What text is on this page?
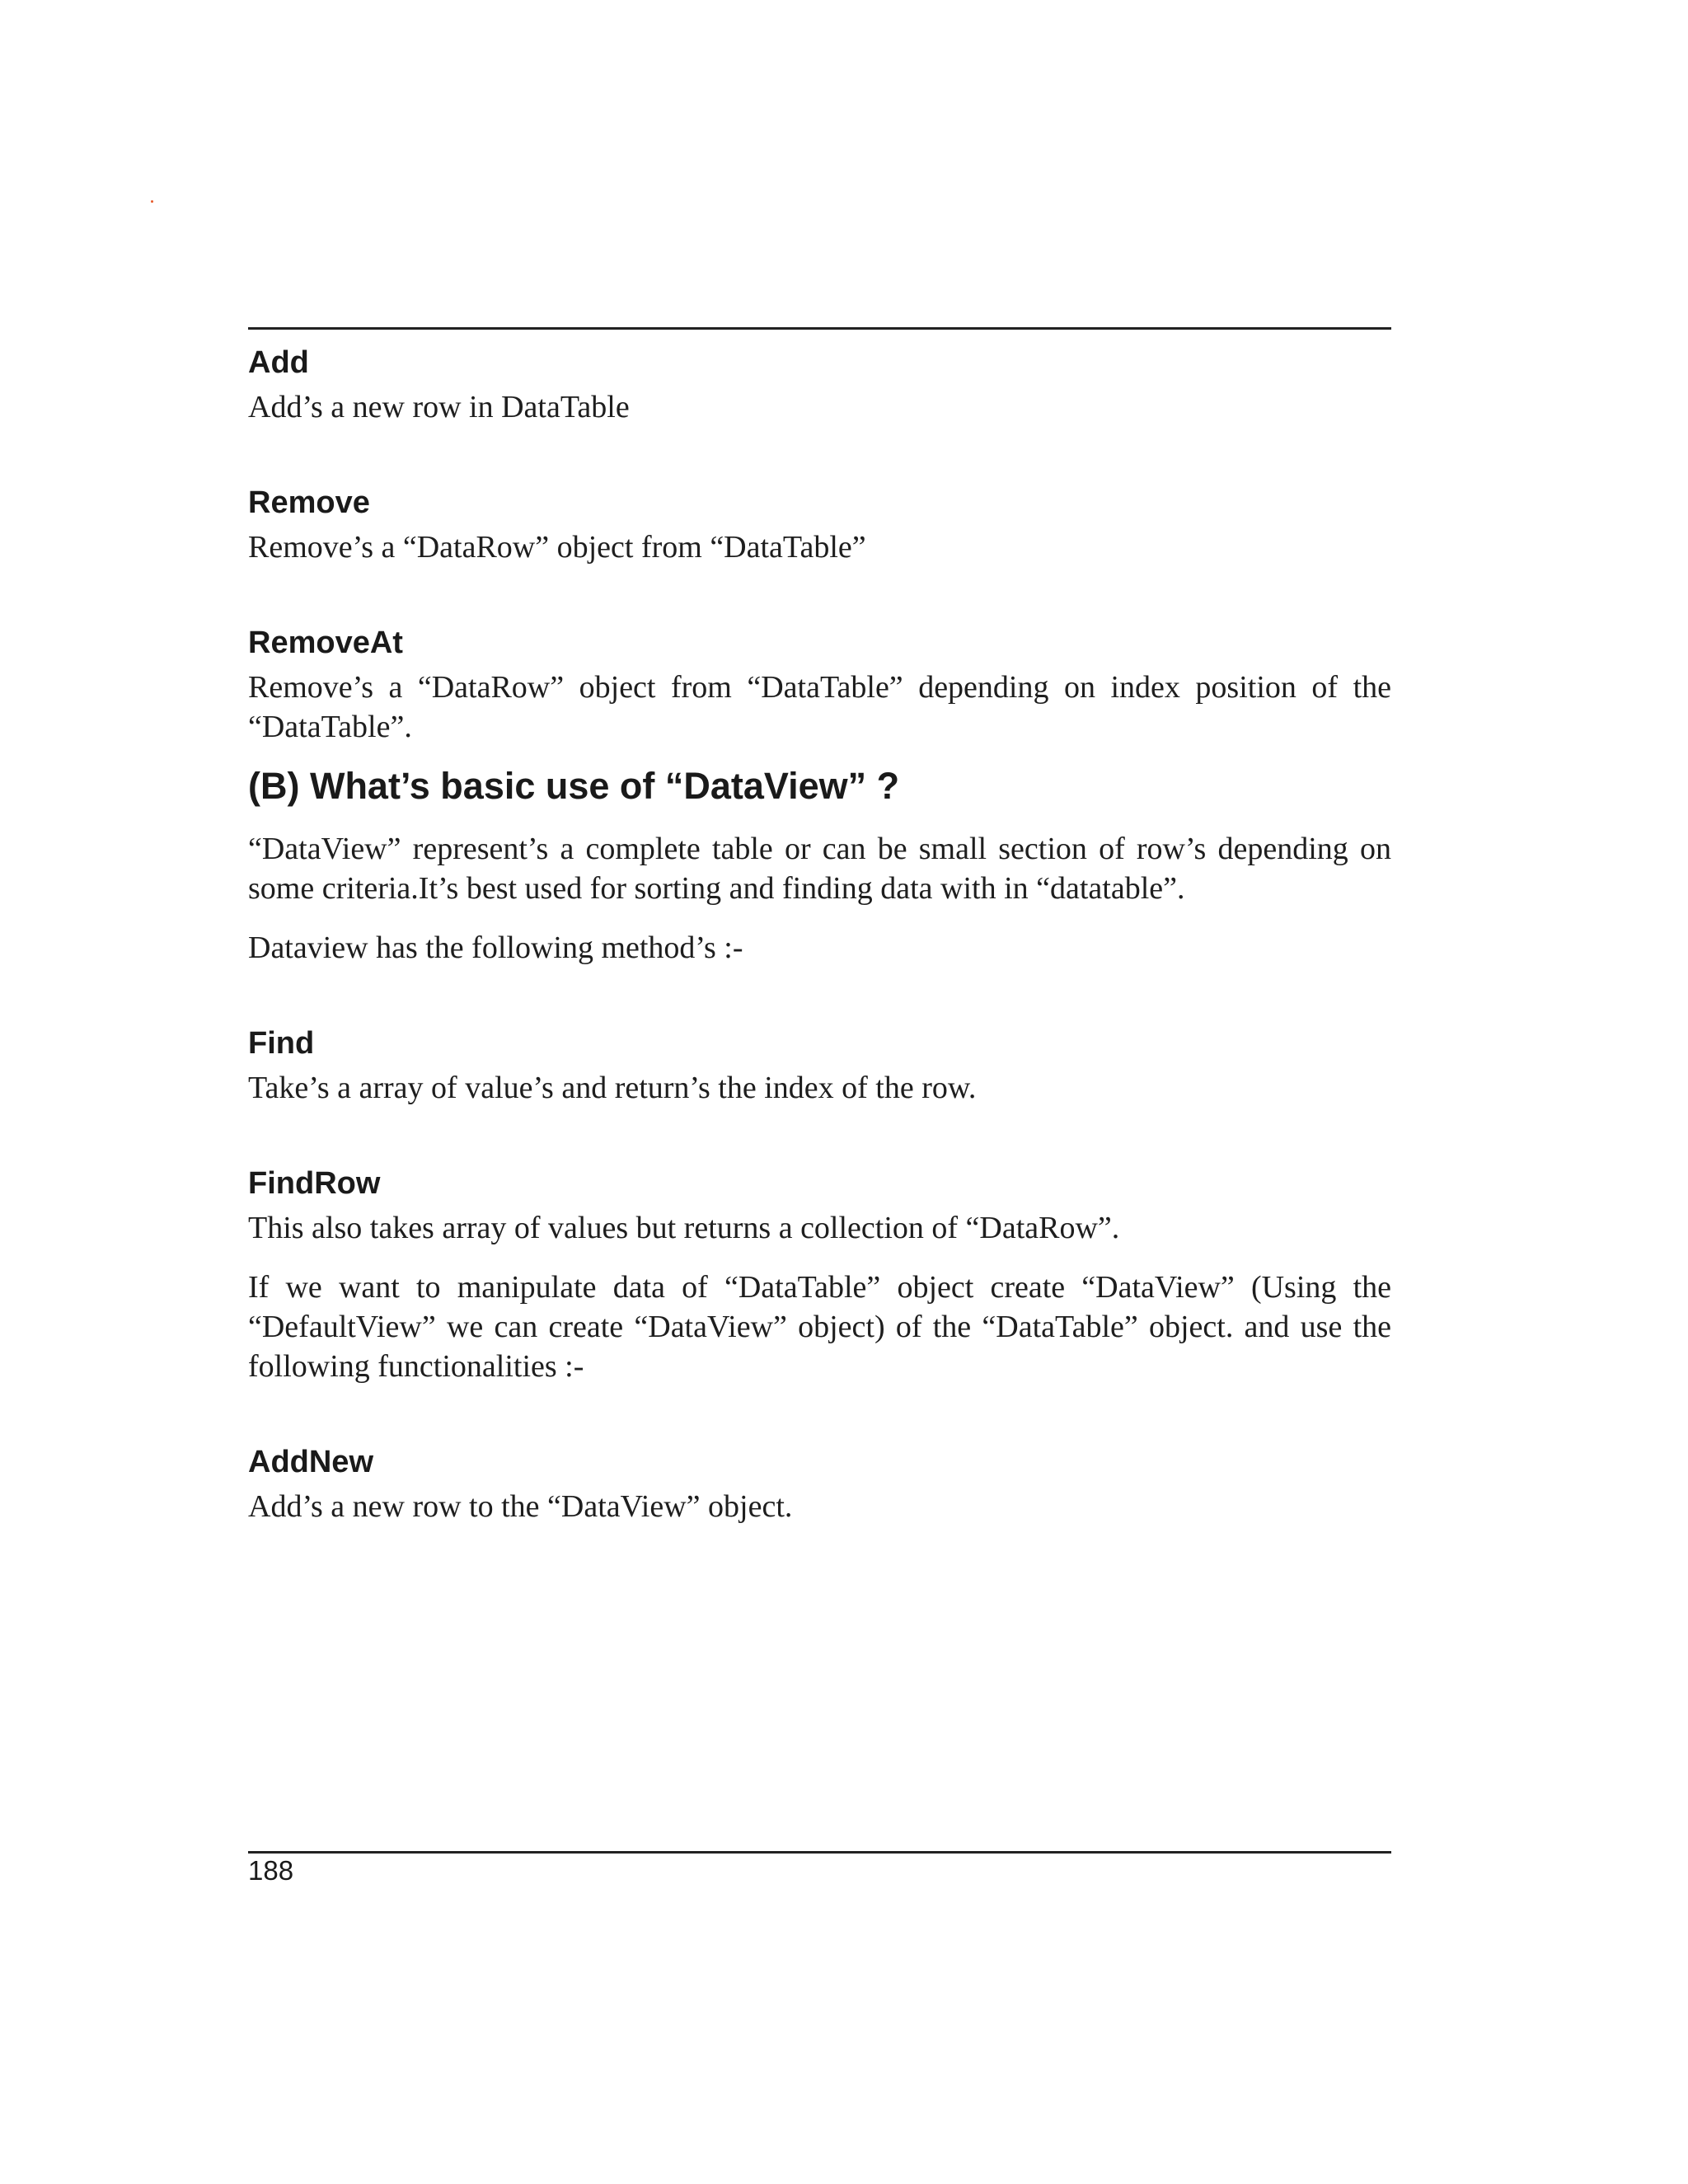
Add

Add’s a new row in DataTable

Remove

Remove’s a “DataRow” object from “DataTable”

RemoveAt

Remove’s a “DataRow” object from “DataTable” depending on index position of the “DataTable”.

(B) What’s basic use of “DataView” ?

“DataView” represent’s a complete table or can be small section of row’s depending on some criteria.It’s best used for sorting and finding data with in “datatable”.

Dataview has the following method’s :-

Find

Take’s a array of value’s and return’s the index of the row.

FindRow

This also takes array of values but returns a collection of “DataRow”.

If we want to manipulate data of “DataTable” object create “DataView” (Using the “DefaultView” we can create “DataView” object) of the “DataTable” object. and use the following functionalities :-

AddNew

Add’s a new row to the “DataView” object.

188
